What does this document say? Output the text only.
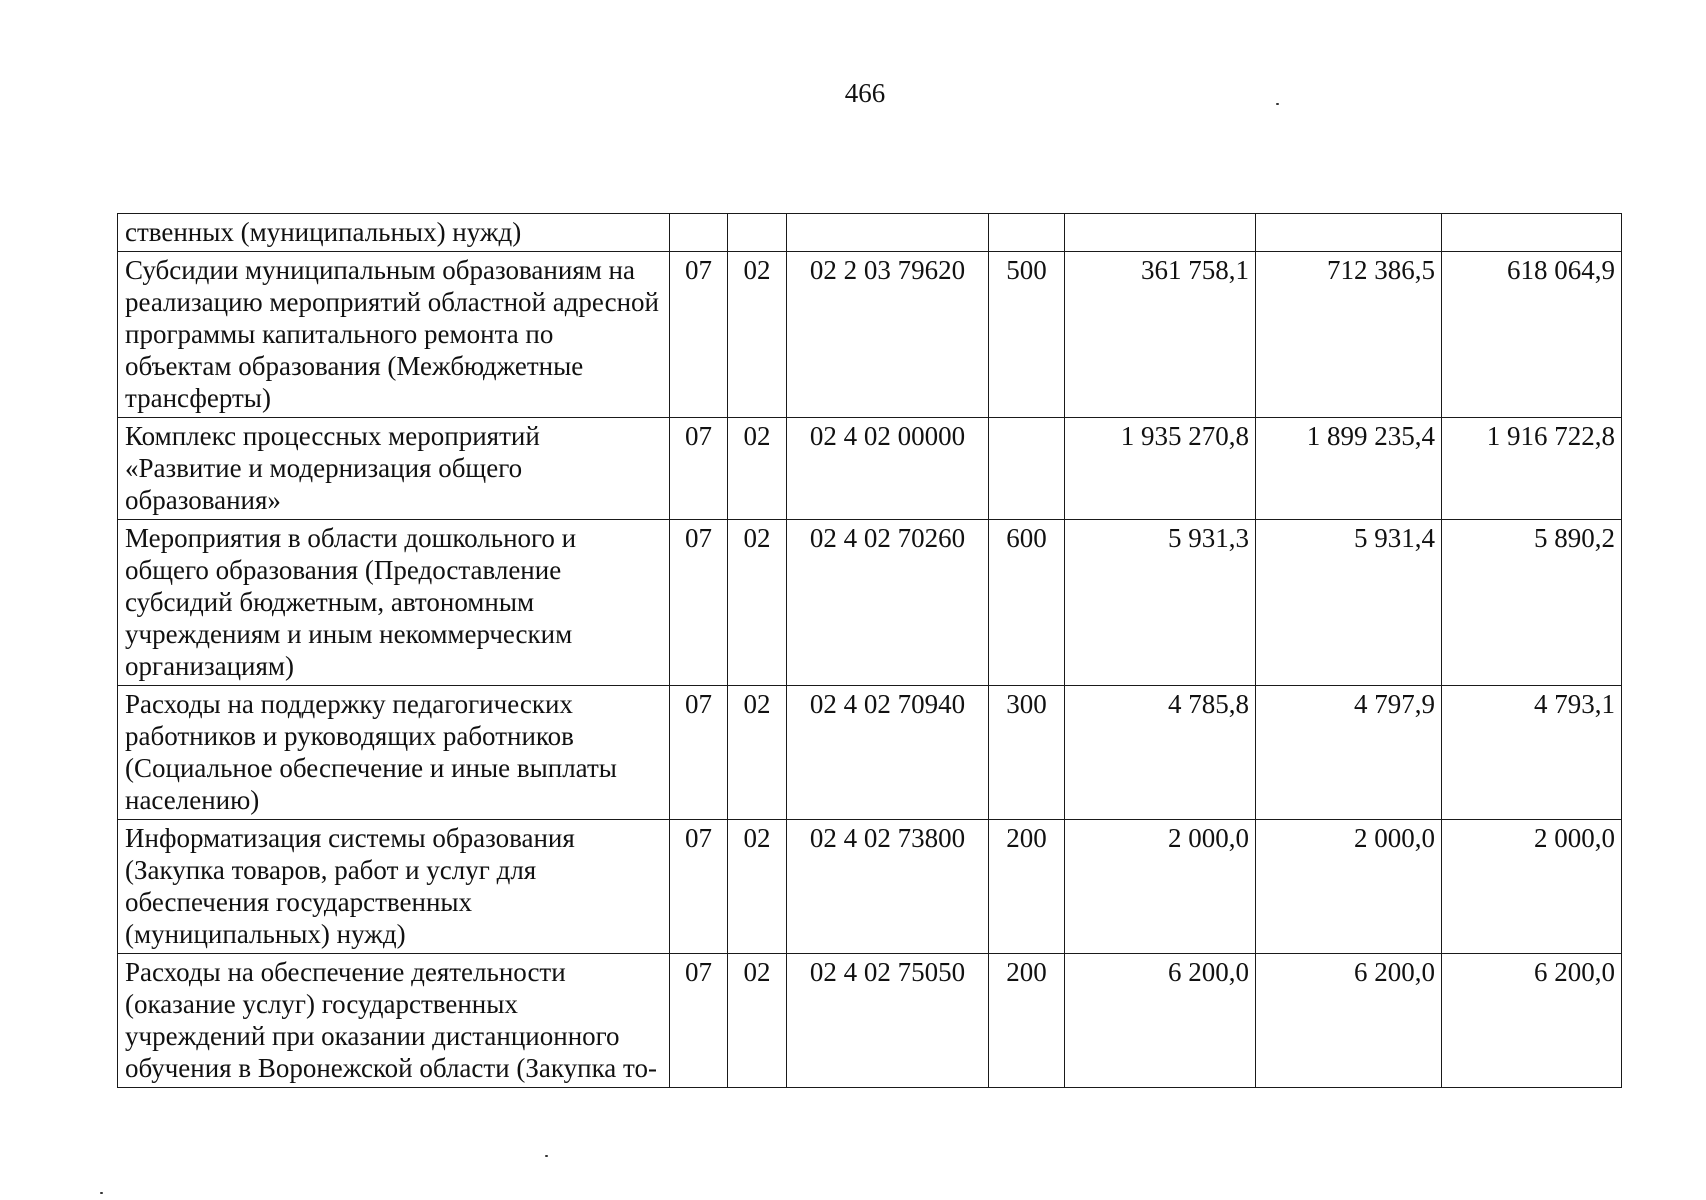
466
ственных (муниципальных) нужд)							
Субсидии муниципальным образованиям на реализацию мероприятий областной адресной программы капитального ремонта по объектам образования (Межбюджетные трансферты)	07	02	02 2 03 79620	500	361 758,1	712 386,5	618 064,9
Комплекс процессных мероприятий «Развитие и модернизация общего образования»	07	02	02 4 02 00000		1 935 270,8	1 899 235,4	1 916 722,8
Мероприятия в области дошкольного и общего образования (Предоставление субсидий бюджетным, автономным учреждениям и иным некоммерческим организациям)	07	02	02 4 02 70260	600	5 931,3	5 931,4	5 890,2
Расходы на поддержку педагогических работников и руководящих работников (Социальное обеспечение и иные выплаты населению)	07	02	02 4 02 70940	300	4 785,8	4 797,9	4 793,1
Информатизация системы образования (Закупка товаров, работ и услуг для обеспечения государственных (муниципальных) нужд)	07	02	02 4 02 73800	200	2 000,0	2 000,0	2 000,0
Расходы на обеспечение деятельности (оказание услуг) государственных учреждений при оказании дистанционного обучения в Воронежской области (Закупка то-	07	02	02 4 02 75050	200	6 200,0	6 200,0	6 200,0
